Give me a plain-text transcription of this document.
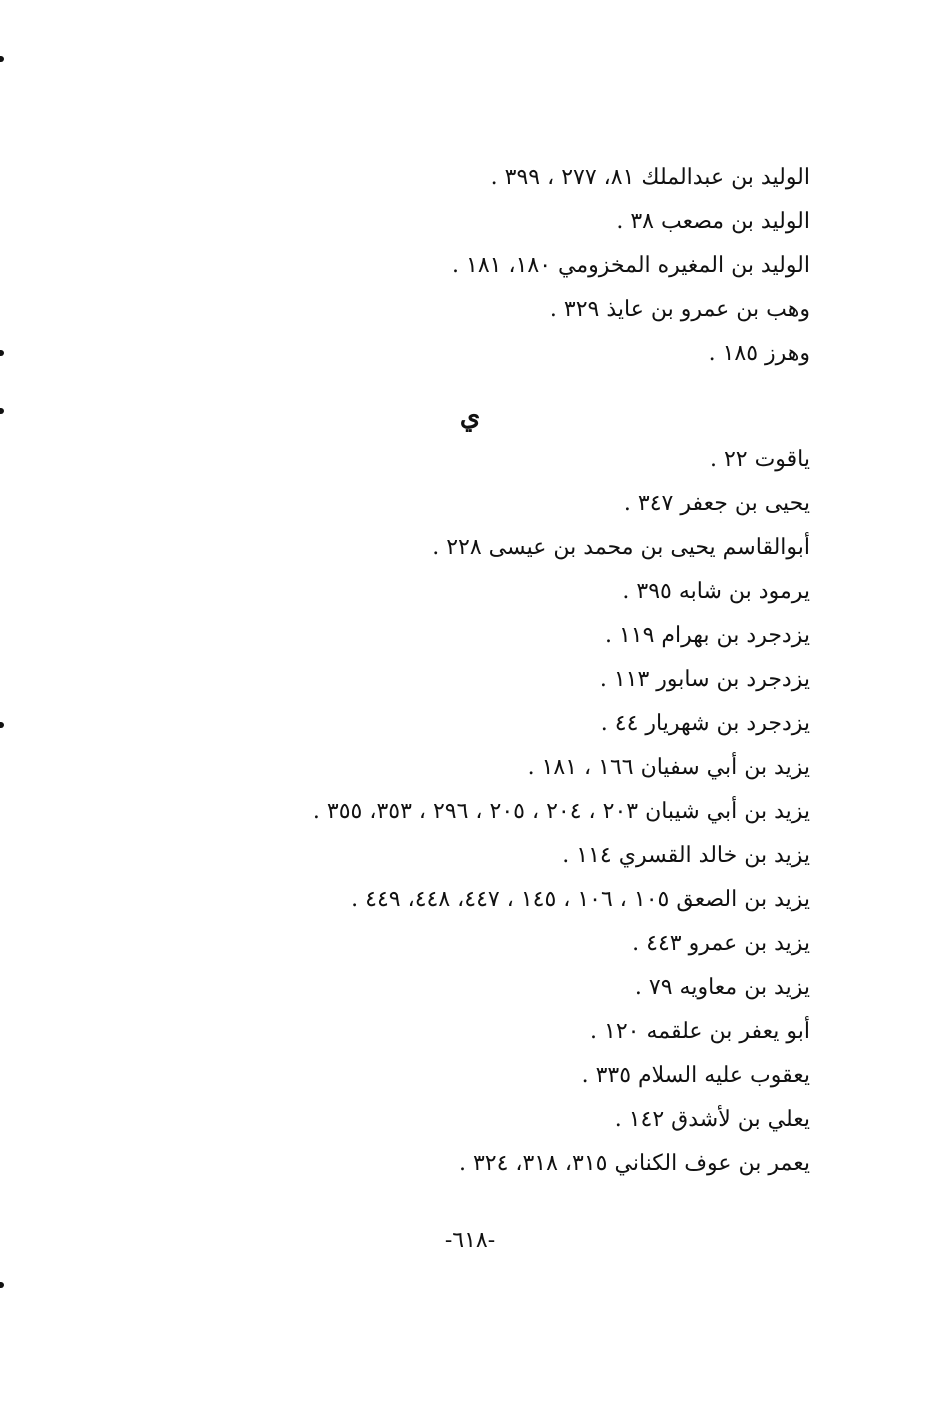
الوليد بن عبدالملك ٨١، ٢٧٧ ، ٣٩٩ .
الوليد بن مصعب ٣٨ .
الوليد بن المغيره المخزومي ١٨٠، ١٨١ .
وهب بن عمرو بن عايذ ٣٢٩ .
وهرز ١٨٥ .
ي
ياقوت ٢٢ .
يحيى بن جعفر ٣٤٧ .
أبوالقاسم يحيى بن محمد بن عيسى ٢٢٨ .
يرمود بن شابه ٣٩٥ .
يزدجرد بن بهرام ١١٩ .
يزدجرد بن سابور ١١٣ .
يزدجرد بن شهريار ٤٤ .
يزيد بن أبي سفيان ١٦٦ ، ١٨١ .
يزيد بن أبي شيبان ٢٠٣ ، ٢٠٤ ، ٢٠٥ ، ٢٩٦ ، ٣٥٣، ٣٥٥ .
يزيد بن خالد القسري ١١٤ .
يزيد بن الصعق ١٠٥ ، ١٠٦ ، ١٤٥ ، ٤٤٧، ٤٤٨، ٤٤٩ .
يزيد بن عمرو ٤٤٣ .
يزيد بن معاويه ٧٩ .
أبو يعفر بن علقمه ١٢٠ .
يعقوب عليه السلام ٣٣٥ .
يعلي بن لأشدق ١٤٢ .
يعمر بن عوف الكناني ٣١٥، ٣١٨، ٣٢٤ .
-٦١٨-
